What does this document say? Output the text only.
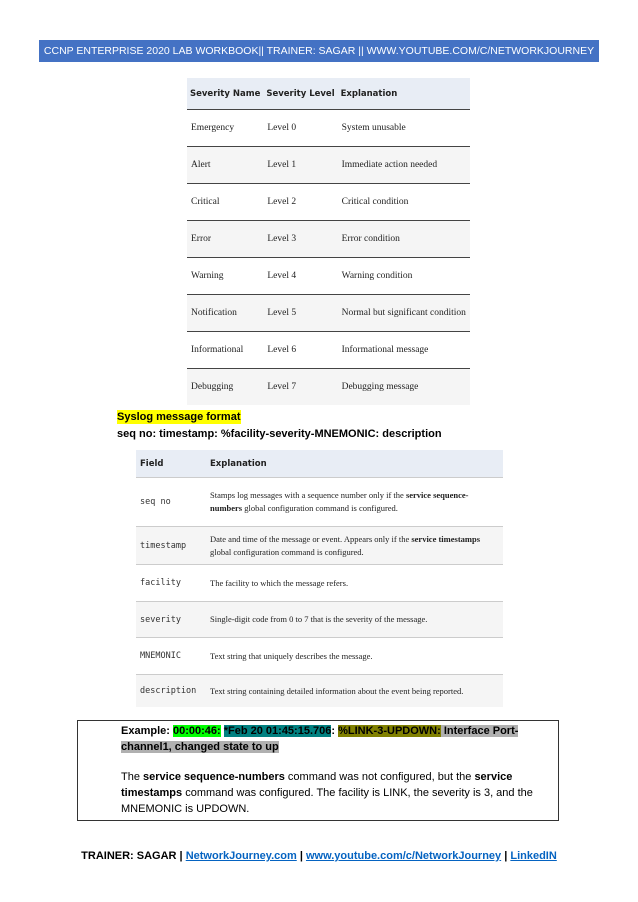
CCNP ENTERPRISE 2020 LAB WORKBOOK|| TRAINER: SAGAR || WWW.YOUTUBE.COM/C/NETWORKJOURNEY
Severity Name	Severity Level	Explanation
Emergency	Level 0	System unusable
Alert	Level 1	Immediate action needed
Critical	Level 2	Critical condition
Error	Level 3	Error condition
Warning	Level 4	Warning condition
Notification	Level 5	Normal but significant condition
Informational	Level 6	Informational message
Debugging	Level 7	Debugging message
Syslog message format
seq no: timestamp: %facility-severity-MNEMONIC: description
Field	Explanation
seq no	Stamps log messages with a sequence number only if the service sequence-numbers global configuration command is configured.
timestamp	Date and time of the message or event. Appears only if the service timestamps global configuration command is configured.
facility	The facility to which the message refers.
severity	Single-digit code from 0 to 7 that is the severity of the message.
MNEMONIC	Text string that uniquely describes the message.
description	Text string containing detailed information about the event being reported.

Example: 00:00:46: *Feb 20 01:45:15.706: %LINK-3-UPDOWN: Interface Port-channel1, changed state to up

The service sequence-numbers command was not configured, but the service timestamps command was configured. The facility is LINK, the severity is 3, and the MNEMONIC is UPDOWN.

TRAINER: SAGAR | NetworkJourney.com | www.youtube.com/c/NetworkJourney | LinkedIN
